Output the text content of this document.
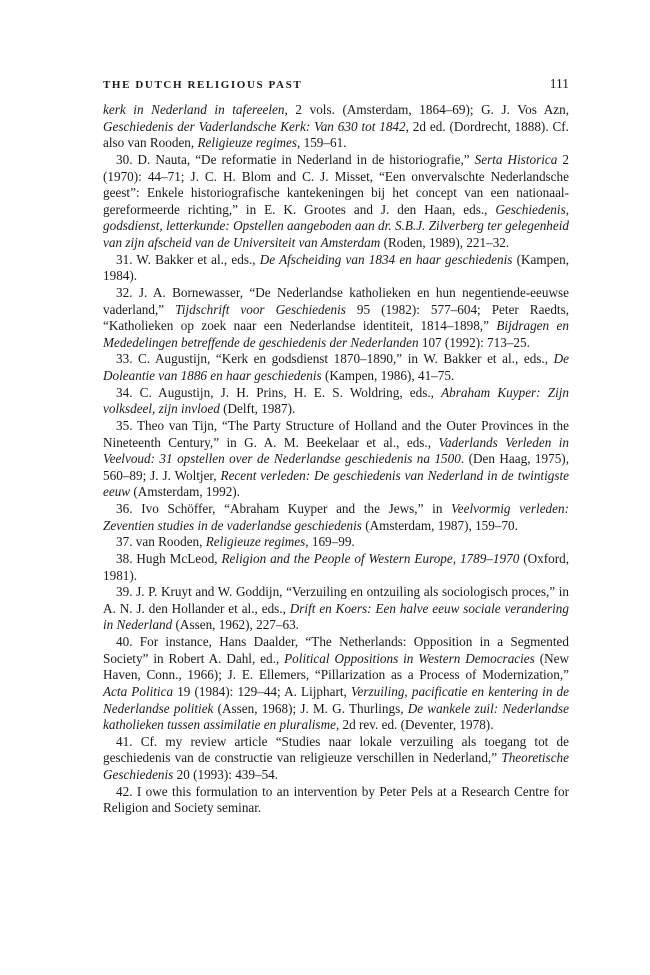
THE DUTCH RELIGIOUS PAST	111

kerk in Nederland in tafereelen, 2 vols. (Amsterdam, 1864–69); G. J. Vos Azn, Geschiedenis der Vaderlandsche Kerk: Van 630 tot 1842, 2d ed. (Dordrecht, 1888). Cf. also van Rooden, Religieuze regimes, 159–61.

30. D. Nauta, “De reformatie in Nederland in de historiografie,” Serta Historica 2 (1970): 44–71; J. C. H. Blom and C. J. Misset, “Een onvervalschte Nederlandsche geest”: Enkele historiografische kantekeningen bij het concept van een nationaal-gereformeerde richting,” in E. K. Grootes and J. den Haan, eds., Geschiedenis, godsdienst, letterkunde: Opstellen aangeboden aan dr. S.B.J. Zilverberg ter gelegenheid van zijn afscheid van de Universiteit van Amsterdam (Roden, 1989), 221–32.

31. W. Bakker et al., eds., De Afscheiding van 1834 en haar geschiedenis (Kampen, 1984).

32. J. A. Bornewasser, “De Nederlandse katholieken en hun negentiende-eeuwse vaderland,” Tijdschrift voor Geschiedenis 95 (1982): 577–604; Peter Raedts, “Katholieken op zoek naar een Nederlandse identiteit, 1814–1898,” Bijdragen en Mededelingen betreffende de geschiedenis der Nederlanden 107 (1992): 713–25.

33. C. Augustijn, “Kerk en godsdienst 1870–1890,” in W. Bakker et al., eds., De Doleantie van 1886 en haar geschiedenis (Kampen, 1986), 41–75.

34. C. Augustijn, J. H. Prins, H. E. S. Woldring, eds., Abraham Kuyper: Zijn volksdeel, zijn invloed (Delft, 1987).

35. Theo van Tijn, “The Party Structure of Holland and the Outer Provinces in the Nineteenth Century,” in G. A. M. Beekelaar et al., eds., Vaderlands Verleden in Veelvoud: 31 opstellen over de Nederlandse geschiedenis na 1500. (Den Haag, 1975), 560–89; J. J. Woltjer, Recent verleden: De geschiedenis van Nederland in de twintigste eeuw (Amsterdam, 1992).

36. Ivo Schöffer, “Abraham Kuyper and the Jews,” in Veelvormig verleden: Zeventien studies in de vaderlandse geschiedenis (Amsterdam, 1987), 159–70.

37. van Rooden, Religieuze regimes, 169–99.

38. Hugh McLeod, Religion and the People of Western Europe, 1789–1970 (Oxford, 1981).

39. J. P. Kruyt and W. Goddijn, “Verzuiling en ontzuiling als sociologisch proces,” in A. N. J. den Hollander et al., eds., Drift en Koers: Een halve eeuw sociale verandering in Nederland (Assen, 1962), 227–63.

40. For instance, Hans Daalder, “The Netherlands: Opposition in a Segmented Society” in Robert A. Dahl, ed., Political Oppositions in Western Democracies (New Haven, Conn., 1966); J. E. Ellemers, “Pillarization as a Process of Modernization,” Acta Politica 19 (1984): 129–44; A. Lijphart, Verzuiling, pacificatie en kentering in de Nederlandse politiek (Assen, 1968); J. M. G. Thurlings, De wankele zuil: Nederlandse katholieken tussen assimilatie en pluralisme, 2d rev. ed. (Deventer, 1978).

41. Cf. my review article “Studies naar lokale verzuiling als toegang tot de geschiedenis van de constructie van religieuze verschillen in Nederland,” Theoretische Geschiedenis 20 (1993): 439–54.

42. I owe this formulation to an intervention by Peter Pels at a Research Centre for Religion and Society seminar.
